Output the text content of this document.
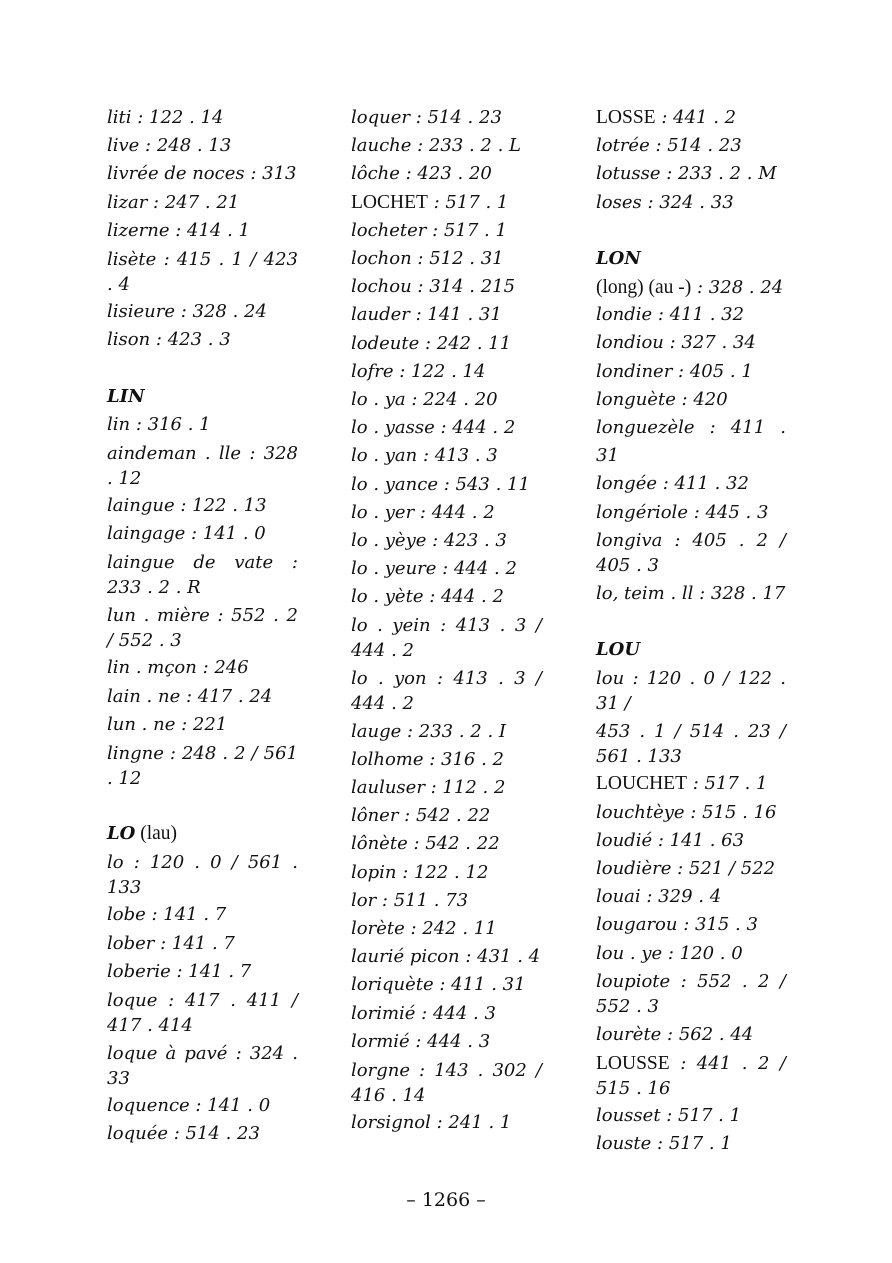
liti : 122 . 14
live : 248 . 13
livrée de noces : 313
lizar : 247 . 21
lizerne : 414 . 1
lisète : 415 . 1 / 423 . 4
lisieure : 328 . 24
lison : 423 . 3
LIN
lin : 316 . 1
aindeman . lle : 328 . 12
laingue : 122 . 13
laingage : 141 . 0
laingue de vate : 233 . 2 . R
lun . mière : 552 . 2 / 552 . 3
lin . mçon : 246
lain . ne : 417 . 24
lun . ne : 221
lingne : 248 . 2 / 561 . 12
LO (lau)
lo : 120 . 0 / 561 . 133
lobe : 141 . 7
lober : 141 . 7
loberie : 141 . 7
loque : 417 . 411 / 417 . 414
loque à pavé : 324 . 33
loquence : 141 . 0
loquée : 514 . 23
loquer : 514 . 23
lauche : 233 . 2 . L
lôche : 423 . 20
LOCHET : 517 . 1
locheter : 517 . 1
lochon : 512 . 31
lochou : 314 . 215
lauder : 141 . 31
lodeute : 242 . 11
lofre : 122 . 14
lo . ya : 224 . 20
lo . yasse : 444 . 2
lo . yan : 413 . 3
lo . yance : 543 . 11
lo . yer : 444 . 2
lo . yèye : 423 . 3
lo . yeure : 444 . 2
lo . yète : 444 . 2
lo . yein : 413 . 3 / 444 . 2
lo . yon : 413 . 3 / 444 . 2
lauge : 233 . 2 . I
lolhome : 316 . 2
lauluser : 112 . 2
lôner : 542 . 22
lônète : 542 . 22
lopin : 122 . 12
lor : 511 . 73
lorète : 242 . 11
laurié picon : 431 . 4
loriquète : 411 . 31
lorimié : 444 . 3
lormié : 444 . 3
lorgne : 143 . 302 / 416 . 14
lorsignol : 241 . 1
LOSSE : 441 . 2
lotrée : 514 . 23
lotusse : 233 . 2 . M
loses : 324 . 33
LON
(long) (au -) : 328 . 24
londie : 411 . 32
londiou : 327 . 34
londiner : 405 . 1
longuète : 420
longuezèle : 411 . 31
longée : 411 . 32
longériole : 445 . 3
longiva : 405 . 2 / 405 . 3
lo, teim . ll : 328 . 17
LOU
lou : 120 . 0 / 122 . 31 /
453 . 1 / 514 . 23 / 561 . 133
LOUCHET : 517 . 1
louchtèye : 515 . 16
loudié : 141 . 63
loudière : 521 / 522
louai : 329 . 4
lougarou : 315 . 3
lou . ye : 120 . 0
loupiote : 552 . 2 / 552 . 3
lourète : 562 . 44
LOUSSE : 441 . 2 / 515 . 16
lousset : 517 . 1
louste : 517 . 1
– 1266 –
